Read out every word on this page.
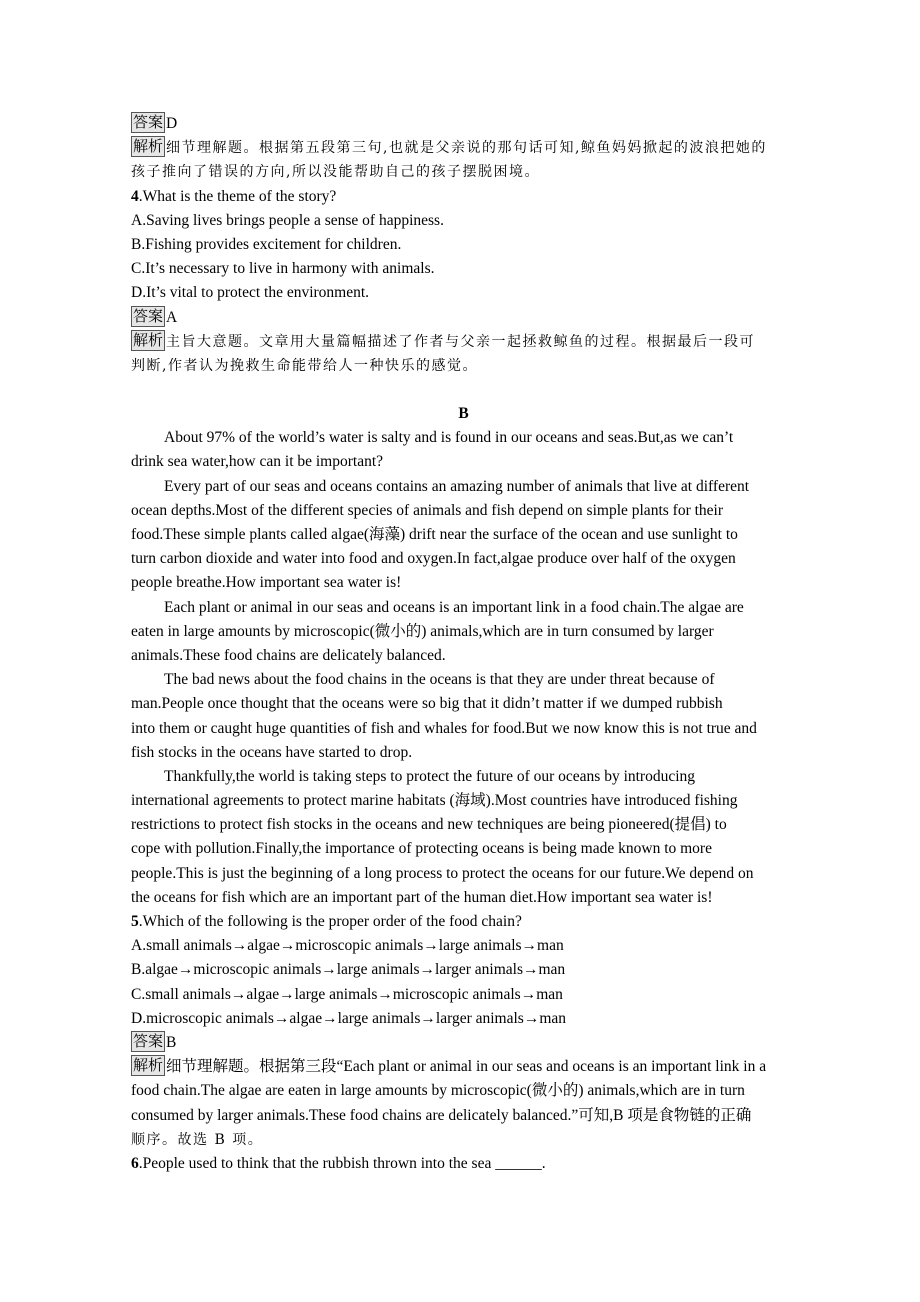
答案 D
解析 细节理解题。根据第五段第三句,也就是父亲说的那句话可知,鲸鱼妈妈掀起的波浪把她的
孩子推向了错误的方向,所以没能帮助自己的孩子摆脱困境。
4.What is the theme of the story?
A.Saving lives brings people a sense of happiness.
B.Fishing provides excitement for children.
C.It’s necessary to live in harmony with animals.
D.It’s vital to protect the environment.
答案 A
解析 主旨大意题。文章用大量篇幅描述了作者与父亲一起拯救鲸鱼的过程。根据最后一段可
判断,作者认为挽救生命能带给人一种快乐的感觉。
B
About 97% of the world’s water is salty and is found in our oceans and seas.But,as we can’t
drink sea water,how can it be important?
Every part of our seas and oceans contains an amazing number of animals that live at different
ocean depths.Most of the different species of animals and fish depend on simple plants for their
food.These simple plants called algae(海藻) drift near the surface of the ocean and use sunlight to
turn carbon dioxide and water into food and oxygen.In fact,algae produce over half of the oxygen
people breathe.How important sea water is!
Each plant or animal in our seas and oceans is an important link in a food chain.The algae are
eaten in large amounts by microscopic(微小的) animals,which are in turn consumed by larger
animals.These food chains are delicately balanced.
The bad news about the food chains in the oceans is that they are under threat because of
man.People once thought that the oceans were so big that it didn’t matter if we dumped rubbish
into them or caught huge quantities of fish and whales for food.But we now know this is not true and
fish stocks in the oceans have started to drop.
Thankfully,the world is taking steps to protect the future of our oceans by introducing
international agreements to protect marine habitats (海域).Most countries have introduced fishing
restrictions to protect fish stocks in the oceans and new techniques are being pioneered(提倡) to
cope with pollution.Finally,the importance of protecting oceans is being made known to more
people.This is just the beginning of a long process to protect the oceans for our future.We depend on
the oceans for fish which are an important part of the human diet.How important sea water is!
5.Which of the following is the proper order of the food chain?
A.small animals→algae→microscopic animals→large animals→man
B.algae→microscopic animals→large animals→larger animals→man
C.small animals→algae→large animals→microscopic animals→man
D.microscopic animals→algae→large animals→larger animals→man
答案 B
解析 细节理解题。根据第三段“Each plant or animal in our seas and oceans is an important link in a
food chain.The algae are eaten in large amounts by microscopic(微小的) animals,which are in turn
consumed by larger animals.These food chains are delicately balanced.”可知,B 项是食物链的正确
顺序。故选 B 项。
6.People used to think that the rubbish thrown into the sea ______.
